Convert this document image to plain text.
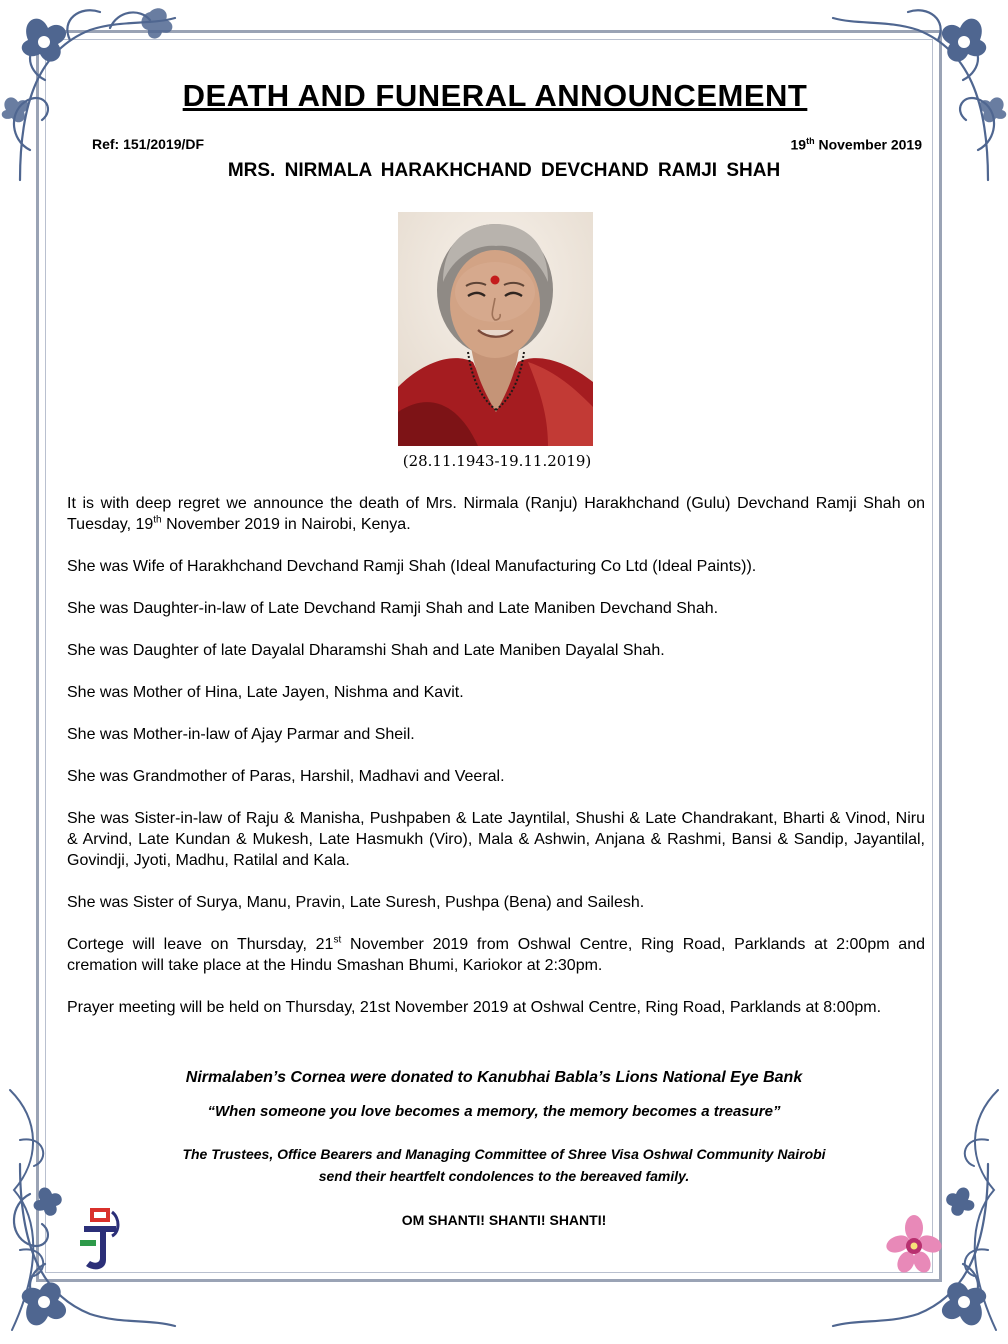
DEATH AND FUNERAL ANNOUNCEMENT
Ref: 151/2019/DF	19th November 2019
MRS. NIRMALA HARAKHCHAND DEVCHAND RAMJI SHAH
(28.11.1943-19.11.2019)

It is with deep regret we announce the death of Mrs. Nirmala (Ranju) Harakhchand (Gulu) Devchand Ramji Shah on Tuesday, 19th November 2019 in Nairobi, Kenya.

She was Wife of Harakhchand Devchand Ramji Shah (Ideal Manufacturing Co Ltd (Ideal Paints)).

She was Daughter-in-law of Late Devchand Ramji Shah and Late Maniben Devchand Shah.

She was Daughter of late Dayalal Dharamshi Shah and Late Maniben Dayalal Shah.

She was Mother of Hina, Late Jayen, Nishma and Kavit.

She was Mother-in-law of Ajay Parmar and Sheil.

She was Grandmother of Paras, Harshil, Madhavi and Veeral.

She was Sister-in-law of Raju & Manisha, Pushpaben & Late Jayntilal, Shushi & Late Chandrakant, Bharti & Vinod, Niru & Arvind, Late Kundan & Mukesh, Late Hasmukh (Viro), Mala & Ashwin, Anjana & Rashmi, Bansi & Sandip, Jayantilal, Govindji, Jyoti, Madhu, Ratilal and Kala.

She was Sister of Surya, Manu, Pravin, Late Suresh, Pushpa (Bena) and Sailesh.

Cortege will leave on Thursday, 21st November 2019 from Oshwal Centre, Ring Road, Parklands at 2:00pm and cremation will take place at the Hindu Smashan Bhumi, Kariokor at 2:30pm.

Prayer meeting will be held on Thursday, 21st November 2019 at Oshwal Centre, Ring Road, Parklands at 8:00pm.

Nirmalaben’s Cornea were donated to Kanubhai Babla’s Lions National Eye Bank
“When someone you love becomes a memory, the memory becomes a treasure”
The Trustees, Office Bearers and Managing Committee of Shree Visa Oshwal Community Nairobi
send their heartfelt condolences to the bereaved family.
OM SHANTI! SHANTI! SHANTI!
